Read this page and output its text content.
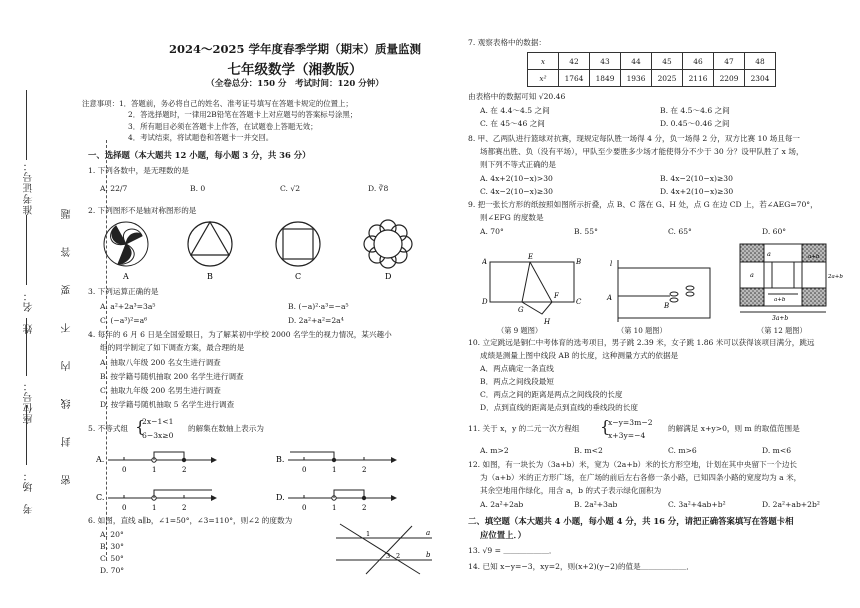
准考证号：
姓　名：
座位号：
考　场：
密　封　线　内　不　要　答　题
2024～2025 学年度春季学期（期末）质量监测
七年级数学（湘教版）
（全卷总分：150 分　考试时间：120 分钟）
注意事项：1．答题前，务必将自己的姓名、准考证号填写在答题卡规定的位置上；
2．答选择题时，一律用2B铅笔在答题卡上对应题号的答案标号涂黑；
3．所有题目必须在答题卡上作答，在试题卷上答题无效；
4．考试结束，将试题卷和答题卡一并交回。
一、选择题（本大题共 12 小题，每小题 3 分，共 36 分）
1. 下列各数中，是无理数的是
A. 22/7	B. 0	C. √2	D. ∛8
2. 下列图形不是轴对称图形的是
A	B	C	D
3. 下列运算正确的是
A. a²+2a³=3a⁵	B. (−a)²·a³=−a⁵
C. (−a³)²=a⁶	D. 2a²+a²=2a⁴
4. 每年的 6 月 6 日是全国爱眼日，为了解某初中学校 2000 名学生的视力情况，某兴趣小
组的同学制定了如下调查方案，最合理的是
A. 抽取八年级 200 名女生进行调查
B. 按学籍号随机抽取 200 名学生进行调查
C. 抽取九年级 200 名男生进行调查
D. 按学籍号随机抽取 5 名学生进行调查
5. 不等式组 {
2x−1<1
6−3x≥0
的解集在数轴上表示为
A.
0	1	2
B.
0	1	2
C.
0	1	2
D.
0	1	2
6. 如图，直线 a∥b，∠1=50°，∠3=110°，则∠2 的度数为
A. 20°
B. 30°
C. 50°
D. 70°
a
b
1
3 2
7. 观察表格中的数据：
x	42	43	44	45	46	47	48
x²	1764	1849	1936	2025	2116	2209	2304
由表格中的数据可知 √20.46
A. 在 4.4～4.5 之间	B. 在 4.5～4.6 之间
C. 在 45～46 之间	D. 0.45～0.46 之间
8. 甲、乙两队进行篮球对抗赛，现规定每队胜一场得 4 分，负一场得 2 分，双方比赛 10 场且每一
场都赛出胜、负（没有平场），甲队至少要胜多少场才能使得分不少于 30 分？设甲队胜了 x 场，
则下列不等式正确的是
A. 4x+2(10−x)>30	B. 4x−2(10−x)≥30
C. 4x−2(10−x)≥30	D. 4x+2(10−x)≥30
9. 把一张长方形的纸按照如图所示折叠，点 B、C 落在 G、H 处，点 G 在边 CD 上，若∠AEG=70°，
则∠EFG 的度数是
A. 70°	B. 55°	C. 65°	D. 60°
A
E
B
D
G
C
F
H
（第 9 题图）
l
A
B
（第 10 题图）
a
a
a+b
2a+b
a+b
3a+b
（第 12 题图）
10. 立定跳远是铜仁中考体育的选考项目，男子跳 2.39 米，女子跳 1.86 米可以获得该项目满分，跳远
成绩是测量上图中线段 AB 的长度，这种测量方式的依据是
A．两点确定一条直线
B．两点之间线段最短
C．两点之间的距离是两点之间线段的长度
D．点到直线的距离是点到直线的垂线段的长度
11. 关于 x，y 的二元一次方程组 {
x−y=3m−2
x+3y=−4
的解满足 x+y>0，则 m 的取值范围是
A. m>2	B. m<2	C. m>6	D. m<6
12. 如图，有一块长为（3a+b）米，宽为（2a+b）米的长方形空地，计划在其中央留下一个边长
为（a+b）米的正方形广场，在广场的前后左右各修一条小路，已知四条小路的宽度均为 a 米，
其余空地用作绿化，用含 a，b 的式子表示绿化面积为
A. 2a²+2ab	B. 2a²+3ab	C. 3a²+4ab+b²	D. 2a²+ab+2b²
二、填空题（本大题共 4 小题，每小题 4 分，共 16 分，请把正确答案填写在答题卡相
应位置上．）
13. √9 = ＿＿＿＿＿＿．
14. 已知 x−y=−3，xy=2，则(x+2)(y−2)的值是＿＿＿＿＿＿．
